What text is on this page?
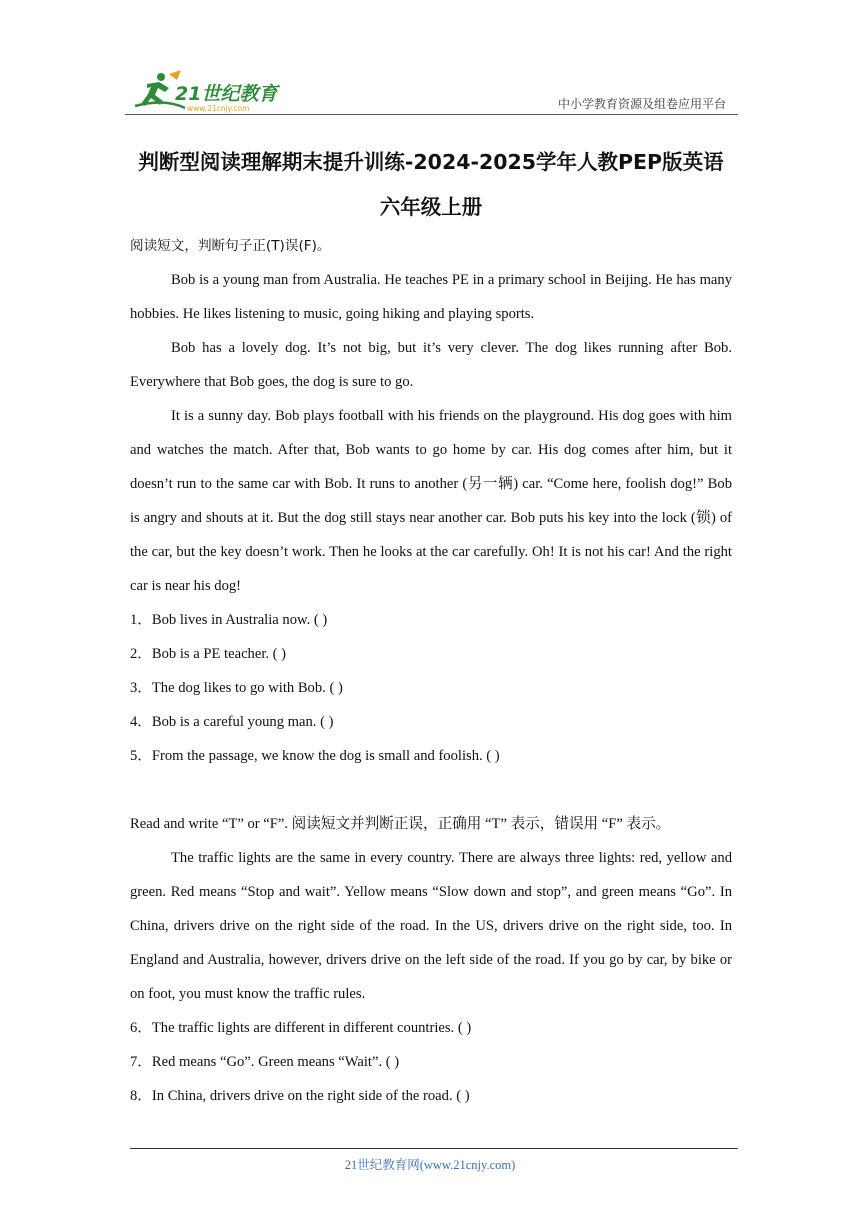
21世纪教育
www.21cnjy.com	中小学教育资源及组卷应用平台
判断型阅读理解期末提升训练-2024-2025学年人教PEP版英语
六年级上册

阅读短文，判断句子正(T)误(F)。

Bob is a young man from Australia. He teaches PE in a primary school in Beijing. He has many hobbies. He likes listening to music, going hiking and playing sports.

Bob has a lovely dog. It’s not big, but it’s very clever. The dog likes running after Bob. Everywhere that Bob goes, the dog is sure to go.

It is a sunny day. Bob plays football with his friends on the playground. His dog goes with him and watches the match. After that, Bob wants to go home by car. His dog comes after him, but it doesn’t run to the same car with Bob. It runs to another (另一辆) car. “Come here, foolish dog!” Bob is angry and shouts at it. But the dog still stays near another car. Bob puts his key into the lock (锁) of the car, but the key doesn’t work. Then he looks at the car carefully. Oh! It is not his car! And the right car is near his dog!

1．Bob lives in Australia now. ( )

2．Bob is a PE teacher. ( )

3．The dog likes to go with Bob. ( )

4．Bob is a careful young man. ( )

5．From the passage, we know the dog is small and foolish. ( )

Read and write “T” or “F”. 阅读短文并判断正误，正确用 “T” 表示，错误用 “F” 表示。

The traffic lights are the same in every country. There are always three lights: red, yellow and green. Red means “Stop and wait”. Yellow means “Slow down and stop”, and green means “Go”. In China, drivers drive on the right side of the road. In the US, drivers drive on the right side, too. In England and Australia, however, drivers drive on the left side of the road. If you go by car, by bike or on foot, you must know the traffic rules.

6．The traffic lights are different in different countries. ( )

7．Red means “Go”. Green means “Wait”. ( )

8．In China, drivers drive on the right side of the road. ( )

21世纪教育网(www.21cnjy.com)
